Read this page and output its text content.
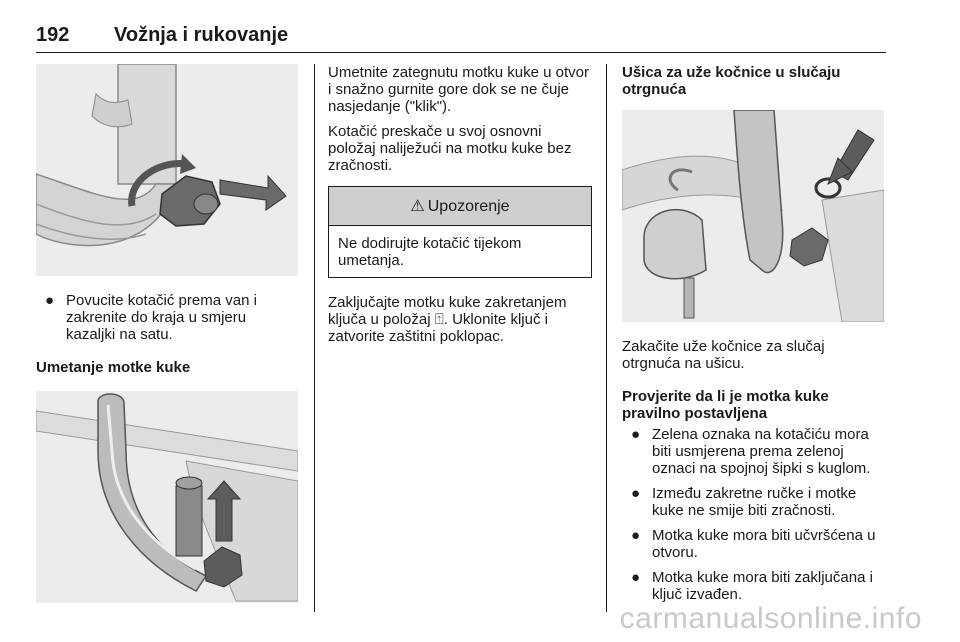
192 Vožnja i rukovanje
● Povucite kotačić prema van i zakrenite do kraja u smjeru kazaljki na satu.

Umetanje motke kuke

Umetnite zategnutu motku kuke u otvor i snažno gurnite gore dok se ne čuje nasjedanje ("klik").

Kotačić preskače u svoj osnovni položaj naliježući na motku kuke bez zračnosti.

⚠ Upozorenje
Ne dodirujte kotačić tijekom umetanja.

Zaključajte motku kuke zakretanjem ključa u položaj ⍐. Uklonite ključ i zatvorite zaštitni poklopac.

Ušica za uže kočnice u slučaju otrgnuća

Zakačite uže kočnice za slučaj otrgnuća na ušicu.

Provjerite da li je motka kuke pravilno postavljena

● Zelena oznaka na kotačiću mora biti usmjerena prema zelenoj oznaci na spojnoj šipki s kuglom.
● Između zakretne ručke i motke kuke ne smije biti zračnosti.
● Motka kuke mora biti učvršćena u otvoru.
● Motka kuke mora biti zaključana i ključ izvađen.
carmanualsonline.info
